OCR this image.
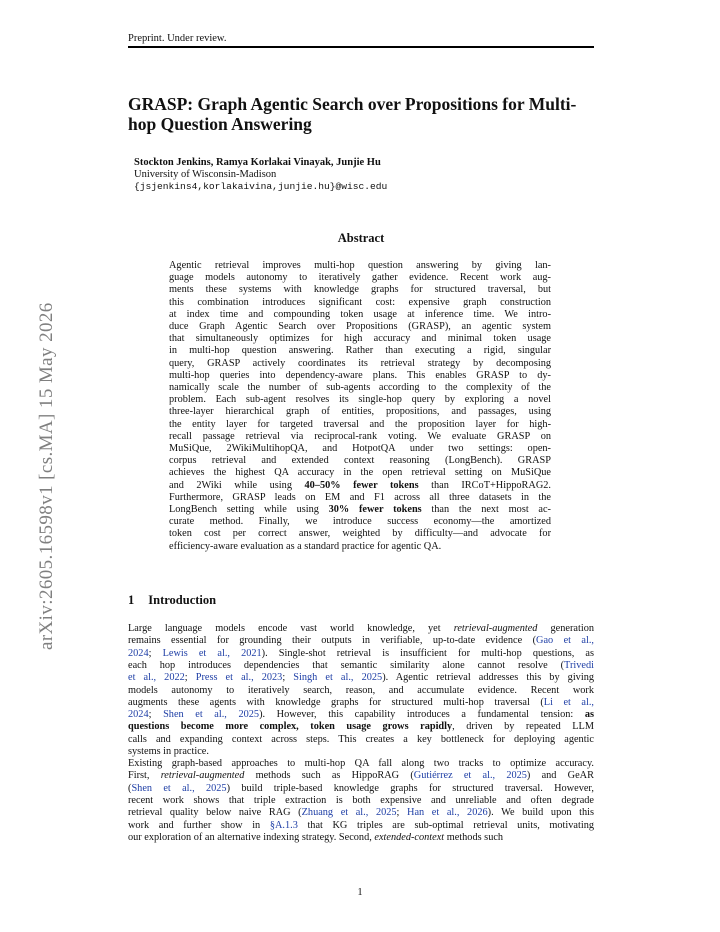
Preprint. Under review.
arXiv:2605.16598v1 [cs.MA] 15 May 2026
GRASP: Graph Agentic Search over Propositions for Multi-hop Question Answering
Stockton Jenkins, Ramya Korlakai Vinayak, Junjie Hu
University of Wisconsin-Madison
{jsjenkins4,korlakaivina,junjie.hu}@wisc.edu
Abstract
Agentic retrieval improves multi-hop question answering by giving lan-
guage models autonomy to iteratively gather evidence. Recent work aug-
ments these systems with knowledge graphs for structured traversal, but
this combination introduces significant cost: expensive graph construction
at index time and compounding token usage at inference time. We intro-
duce Graph Agentic Search over Propositions (GRASP), an agentic system
that simultaneously optimizes for high accuracy and minimal token usage
in multi-hop question answering. Rather than executing a rigid, singular
query, GRASP actively coordinates its retrieval strategy by decomposing
multi-hop queries into dependency-aware plans. This enables GRASP to dy-
namically scale the number of sub-agents according to the complexity of the
problem. Each sub-agent resolves its single-hop query by exploring a novel
three-layer hierarchical graph of entities, propositions, and passages, using
the entity layer for targeted traversal and the proposition layer for high-
recall passage retrieval via reciprocal-rank voting. We evaluate GRASP on
MuSiQue, 2WikiMultihopQA, and HotpotQA under two settings: open-
corpus retrieval and extended context reasoning (LongBench). GRASP
achieves the highest QA accuracy in the open retrieval setting on MuSiQue
and 2Wiki while using 40–50% fewer tokens than IRCoT+HippoRAG2.
Furthermore, GRASP leads on EM and F1 across all three datasets in the
LongBench setting while using 30% fewer tokens than the next most ac-
curate method. Finally, we introduce success economy—the amortized
token cost per correct answer, weighted by difficulty—and advocate for
efficiency-aware evaluation as a standard practice for agentic QA.
1 Introduction
Large language models encode vast world knowledge, yet retrieval-augmented generation
remains essential for grounding their outputs in verifiable, up-to-date evidence (Gao et al.,
2024; Lewis et al., 2021). Single-shot retrieval is insufficient for multi-hop questions, as
each hop introduces dependencies that semantic similarity alone cannot resolve (Trivedi
et al., 2022; Press et al., 2023; Singh et al., 2025). Agentic retrieval addresses this by giving
models autonomy to iteratively search, reason, and accumulate evidence. Recent work
augments these agents with knowledge graphs for structured multi-hop traversal (Li et al.,
2024; Shen et al., 2025). However, this capability introduces a fundamental tension: as
questions become more complex, token usage grows rapidly, driven by repeated LLM
calls and expanding context across steps. This creates a key bottleneck for deploying agentic
systems in practice.
Existing graph-based approaches to multi-hop QA fall along two tracks to optimize accuracy.
First, retrieval-augmented methods such as HippoRAG (Gutiérrez et al., 2025) and GeAR
(Shen et al., 2025) build triple-based knowledge graphs for structured traversal. However,
recent work shows that triple extraction is both expensive and unreliable and often degrade
retrieval quality below naive RAG (Zhuang et al., 2025; Han et al., 2026). We build upon this
work and further show in §A.1.3 that KG triples are sub-optimal retrieval units, motivating
our exploration of an alternative indexing strategy. Second, extended-context methods such
1
